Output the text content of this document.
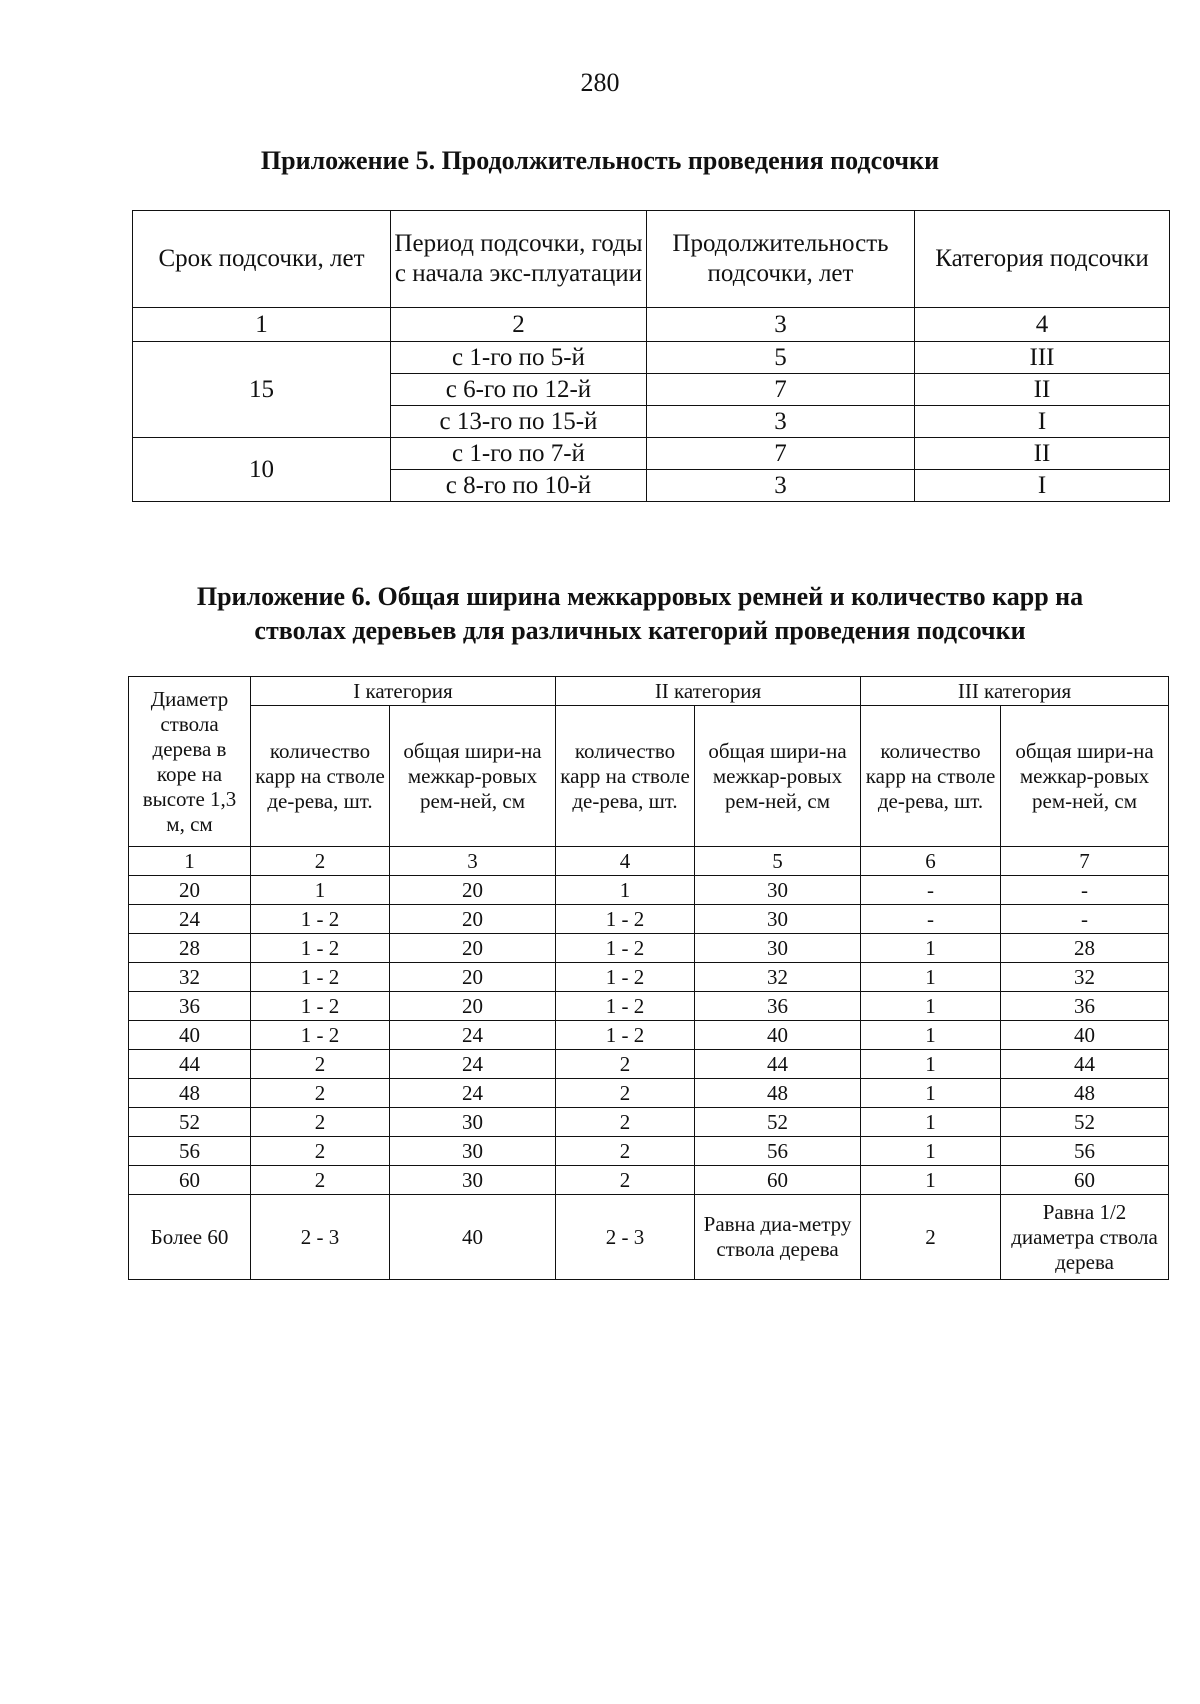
280
Приложение 5. Продолжительность проведения подсочки
Срок подсочки, лет	Период подсочки, годы с начала экс-плуатации	Продолжительность подсочки, лет	Категория подсочки
1	2	3	4
15	с 1-го по 5-й	5	III
	с 6-го по 12-й	7	II
	с 13-го по 15-й	3	I
10	с 1-го по 7-й	7	II
	с 8-го по 10-й	3	I
Приложение 6. Общая ширина межкарровых ремней и количество карр на
стволах деревьев для различных категорий проведения подсочки
Диаметр ствола дерева в коре на высоте 1,3 м, см	I категория		II категория		III категория	
	количество карр на стволе де-рева, шт.	общая шири-на межкар-ровых рем-ней, см	количество карр на стволе де-рева, шт.	общая шири-на межкар-ровых рем-ней, см	количество карр на стволе де-рева, шт.	общая шири-на межкар-ровых рем-ней, см
1	2	3	4	5	6	7
20	1	20	1	30	-	-
24	1 - 2	20	1 - 2	30	-	-
28	1 - 2	20	1 - 2	30	1	28
32	1 - 2	20	1 - 2	32	1	32
36	1 - 2	20	1 - 2	36	1	36
40	1 - 2	24	1 - 2	40	1	40
44	2	24	2	44	1	44
48	2	24	2	48	1	48
52	2	30	2	52	1	52
56	2	30	2	56	1	56
60	2	30	2	60	1	60
Более 60	2 - 3	40	2 - 3	Равна диа-метру ствола дерева	2	Равна 1/2 диаметра ствола дерева
